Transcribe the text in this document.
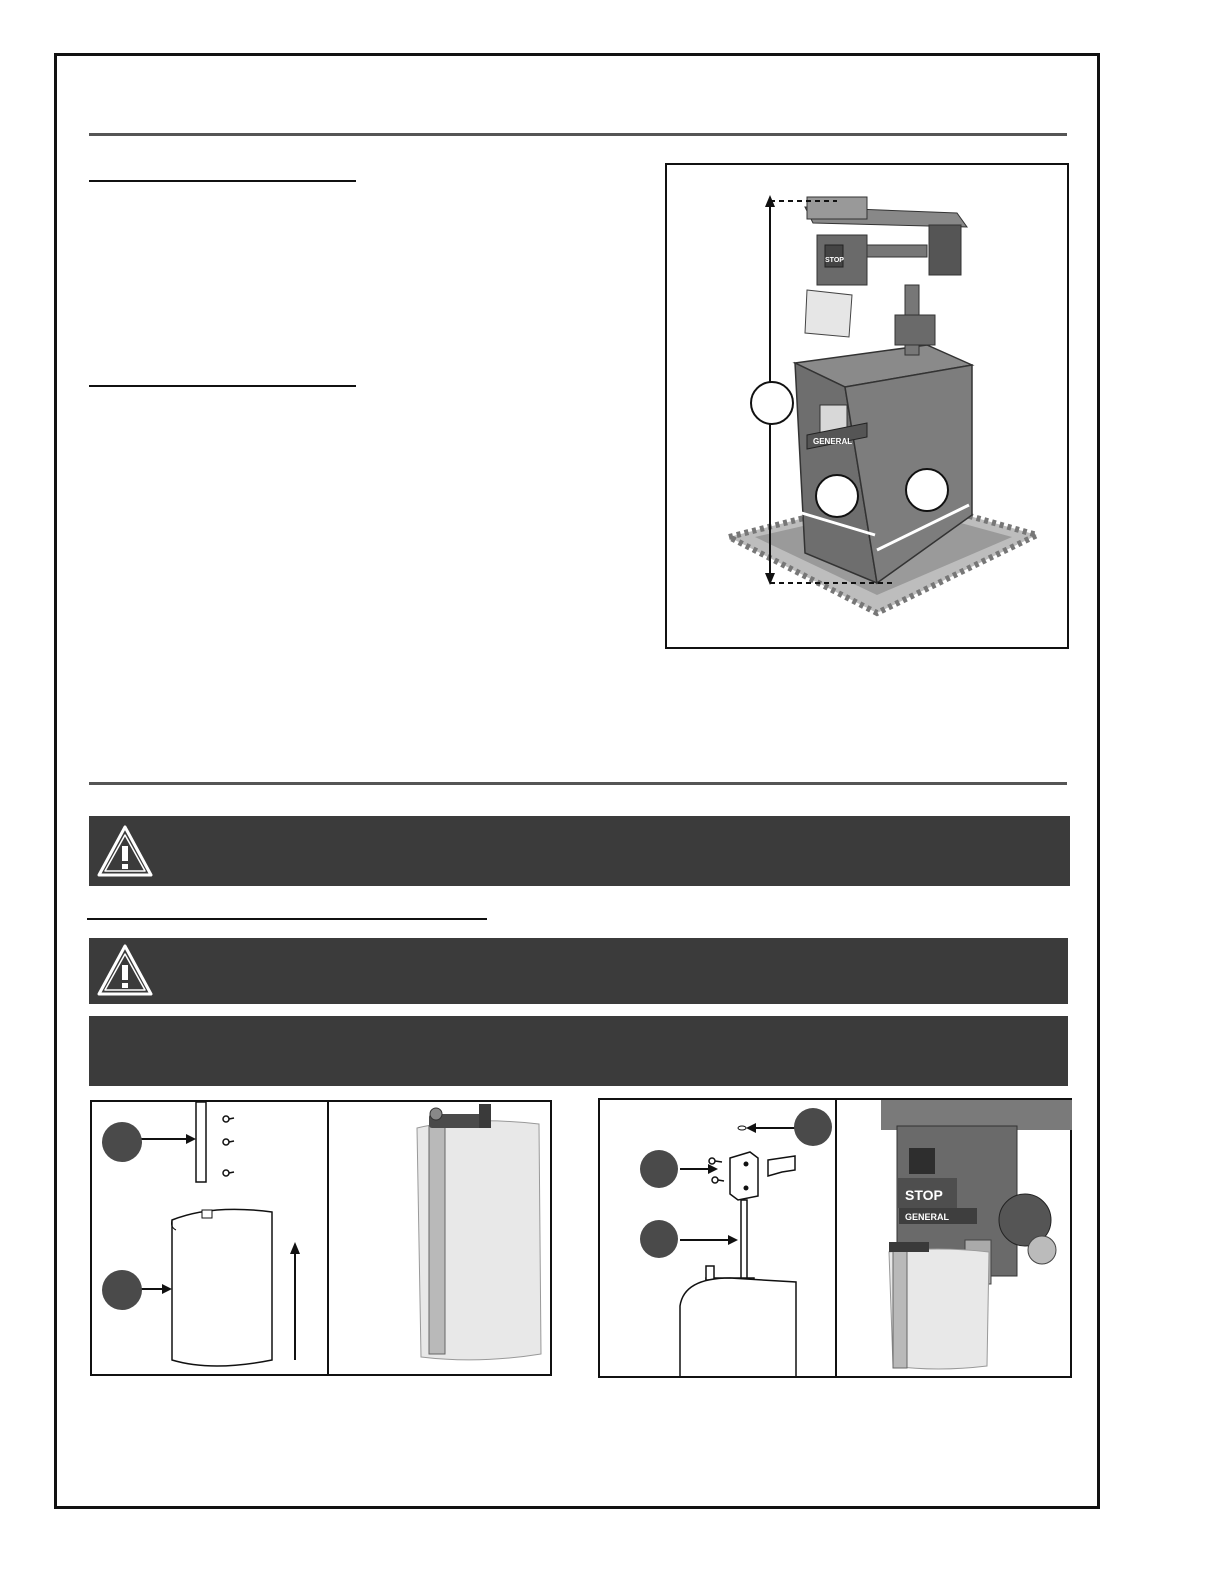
GENERAL
STOP
STOP
GENERAL
